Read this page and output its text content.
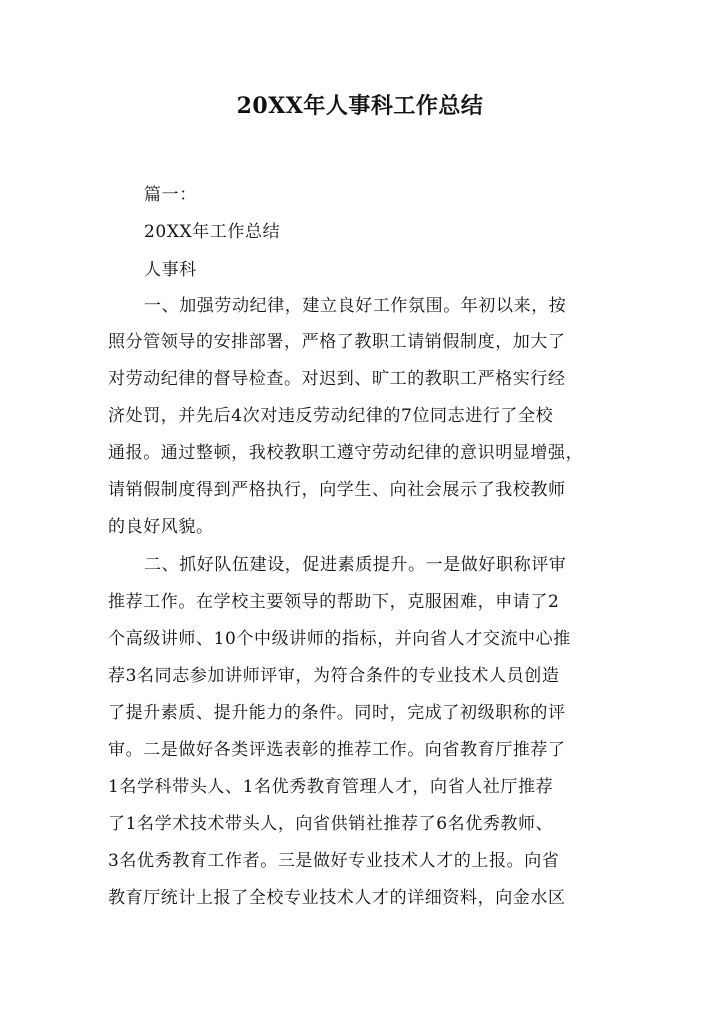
20XX年人事科工作总结
篇一：
20XX年工作总结
人事科
一、加强劳动纪律，建立良好工作氛围。年初以来，按
照分管领导的安排部署，严格了教职工请销假制度，加大了
对劳动纪律的督导检查。对迟到、旷工的教职工严格实行经
济处罚，并先后4次对违反劳动纪律的7位同志进行了全校
通报。通过整顿，我校教职工遵守劳动纪律的意识明显增强，
请销假制度得到严格执行，向学生、向社会展示了我校教师
的良好风貌。
二、抓好队伍建设，促进素质提升。一是做好职称评审
推荐工作。在学校主要领导的帮助下，克服困难，申请了2
个高级讲师、10个中级讲师的指标，并向省人才交流中心推
荐3名同志参加讲师评审，为符合条件的专业技术人员创造
了提升素质、提升能力的条件。同时，完成了初级职称的评
审。二是做好各类评选表彰的推荐工作。向省教育厅推荐了
1名学科带头人、1名优秀教育管理人才，向省人社厅推荐
了1名学术技术带头人，向省供销社推荐了6名优秀教师、
3名优秀教育工作者。三是做好专业技术人才的上报。向省
教育厅统计上报了全校专业技术人才的详细资料，向金水区
